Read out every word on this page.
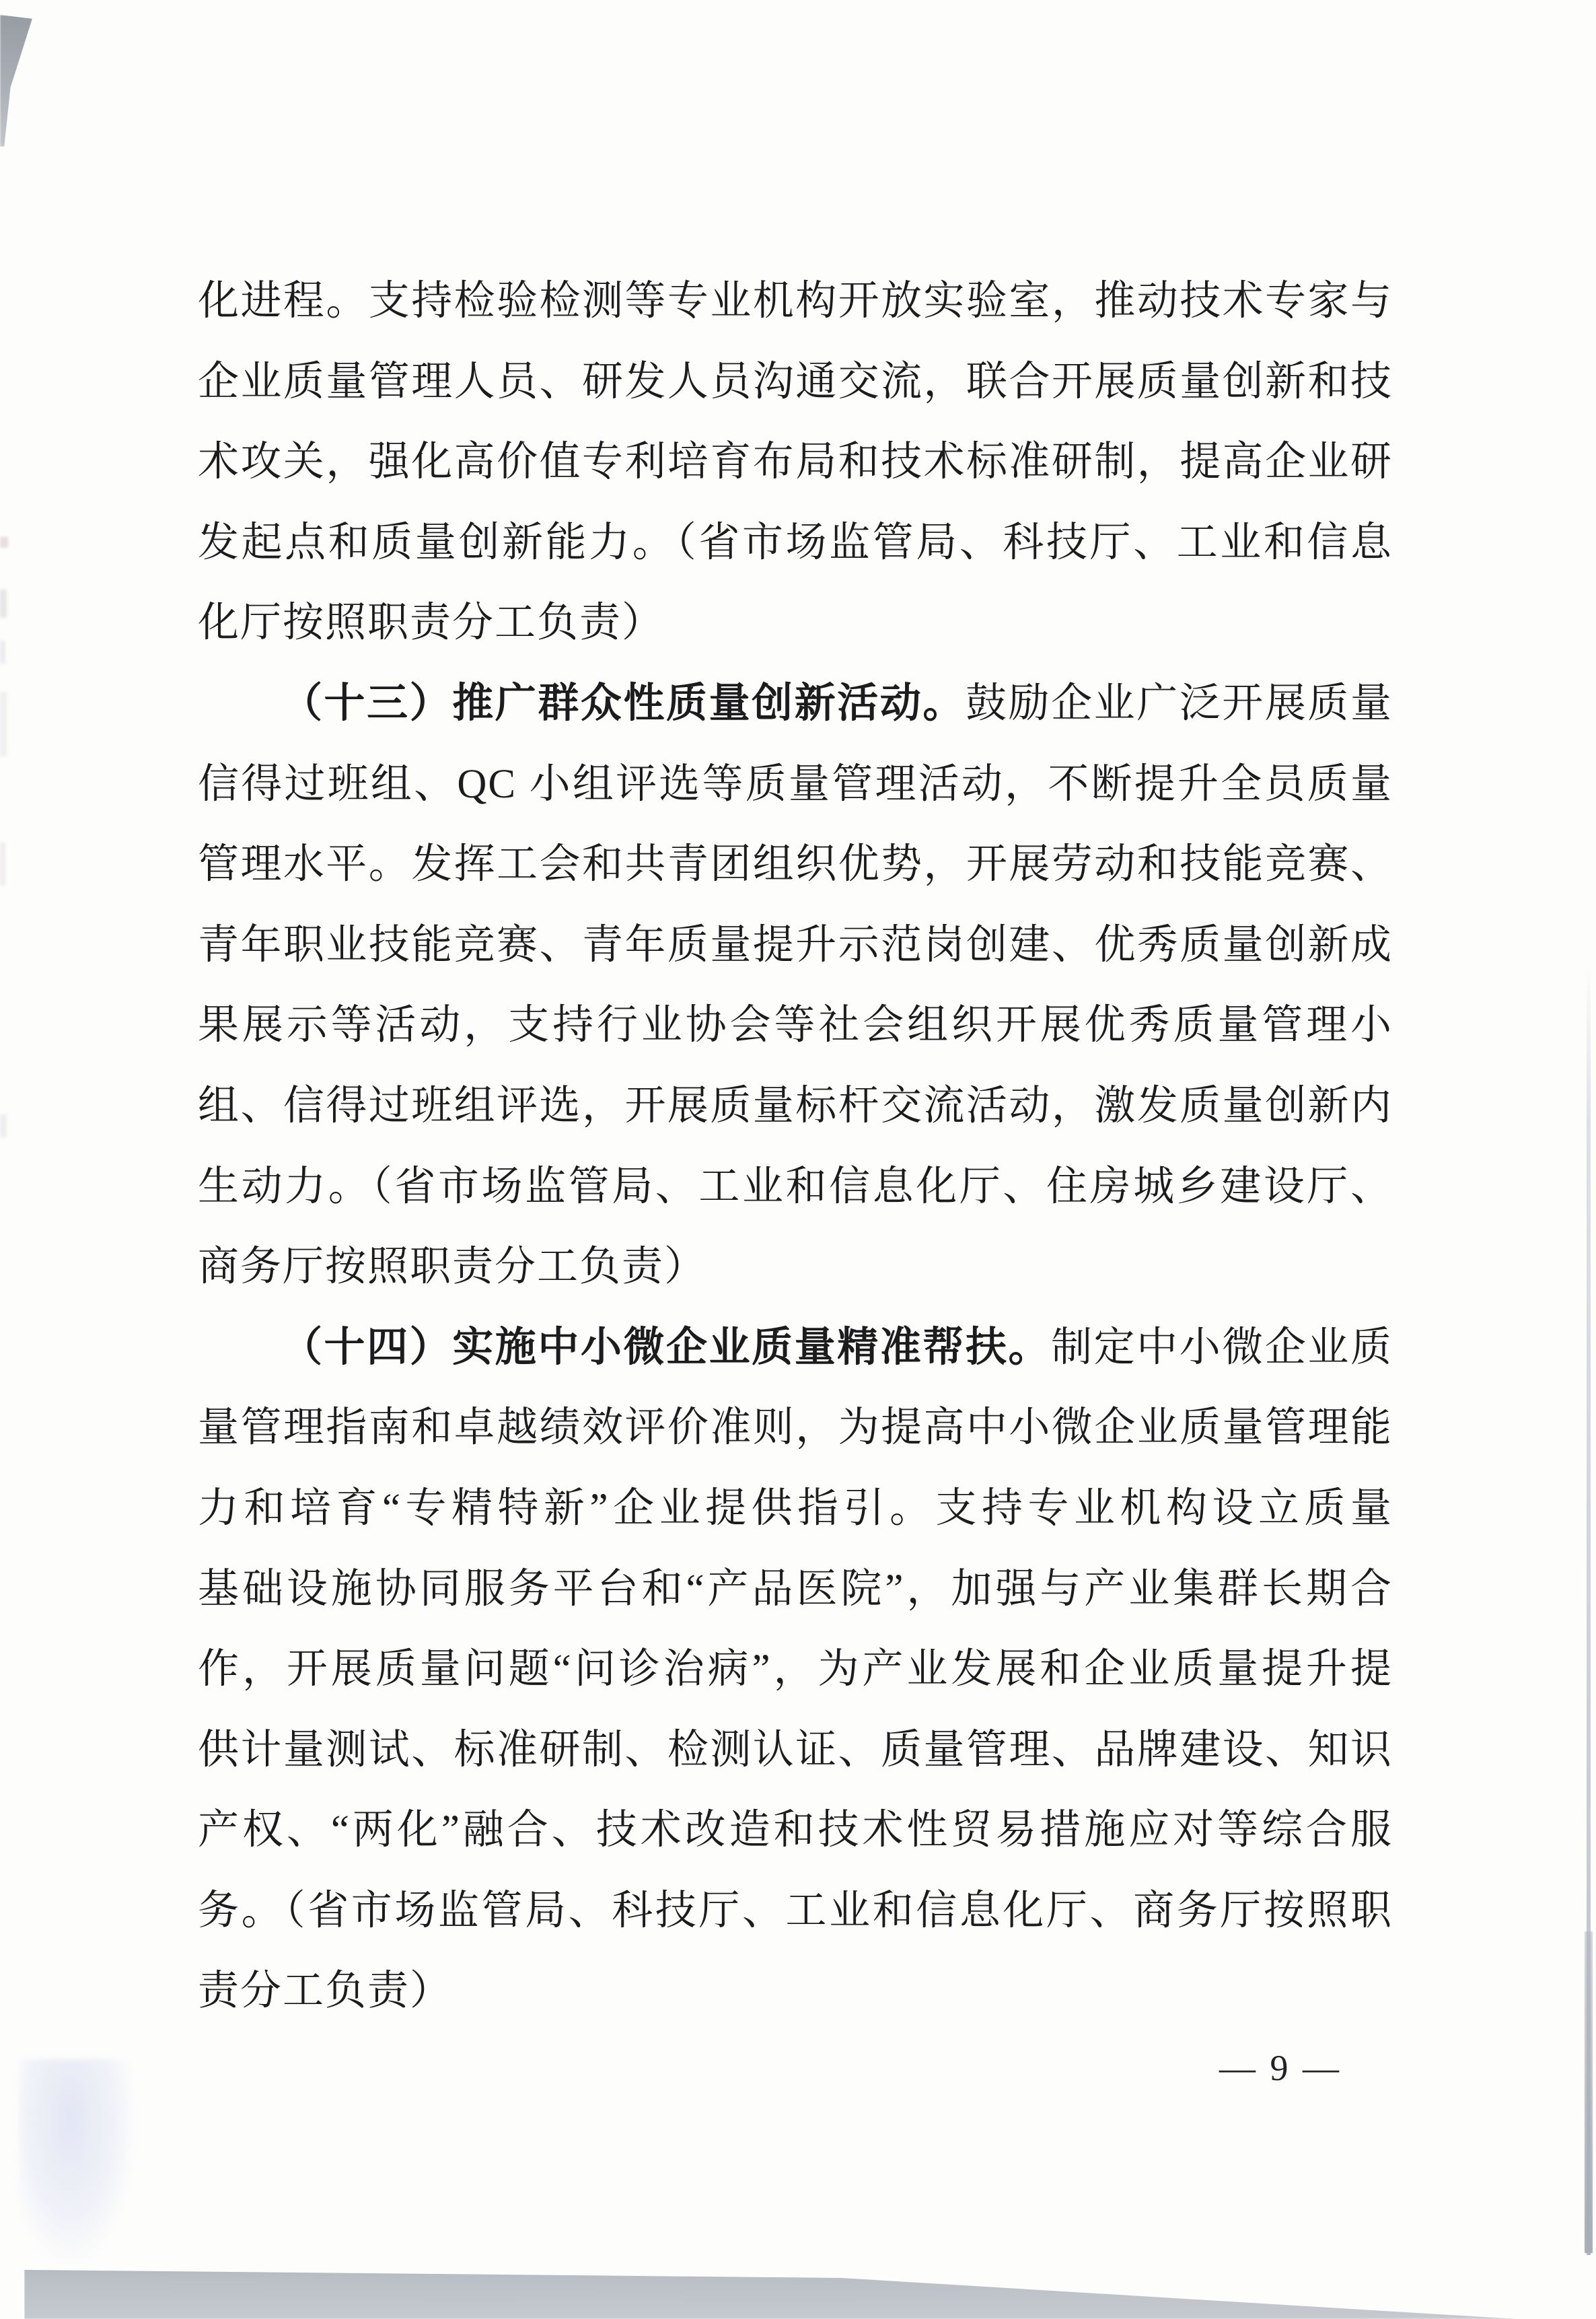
化进程。支持检验检测等专业机构开放实验室，推动技术专家与
企业质量管理人员、研发人员沟通交流，联合开展质量创新和技
术攻关，强化高价值专利培育布局和技术标准研制，提高企业研
发起点和质量创新能力。（省市场监管局、科技厅、工业和信息
化厅按照职责分工负责）
（十三）推广群众性质量创新活动。鼓励企业广泛开展质量
信得过班组、QC 小组评选等质量管理活动，不断提升全员质量
管理水平。发挥工会和共青团组织优势，开展劳动和技能竞赛、
青年职业技能竞赛、青年质量提升示范岗创建、优秀质量创新成
果展示等活动，支持行业协会等社会组织开展优秀质量管理小
组、信得过班组评选，开展质量标杆交流活动，激发质量创新内
生动力。（省市场监管局、工业和信息化厅、住房城乡建设厅、
商务厅按照职责分工负责）
（十四）实施中小微企业质量精准帮扶。制定中小微企业质
量管理指南和卓越绩效评价准则，为提高中小微企业质量管理能
力和培育“专精特新”企业提供指引。支持专业机构设立质量
基础设施协同服务平台和“产品医院”，加强与产业集群长期合
作，开展质量问题“问诊治病”，为产业发展和企业质量提升提
供计量测试、标准研制、检测认证、质量管理、品牌建设、知识
产权、“两化”融合、技术改造和技术性贸易措施应对等综合服
务。（省市场监管局、科技厅、工业和信息化厅、商务厅按照职
责分工负责）
— 9 —
